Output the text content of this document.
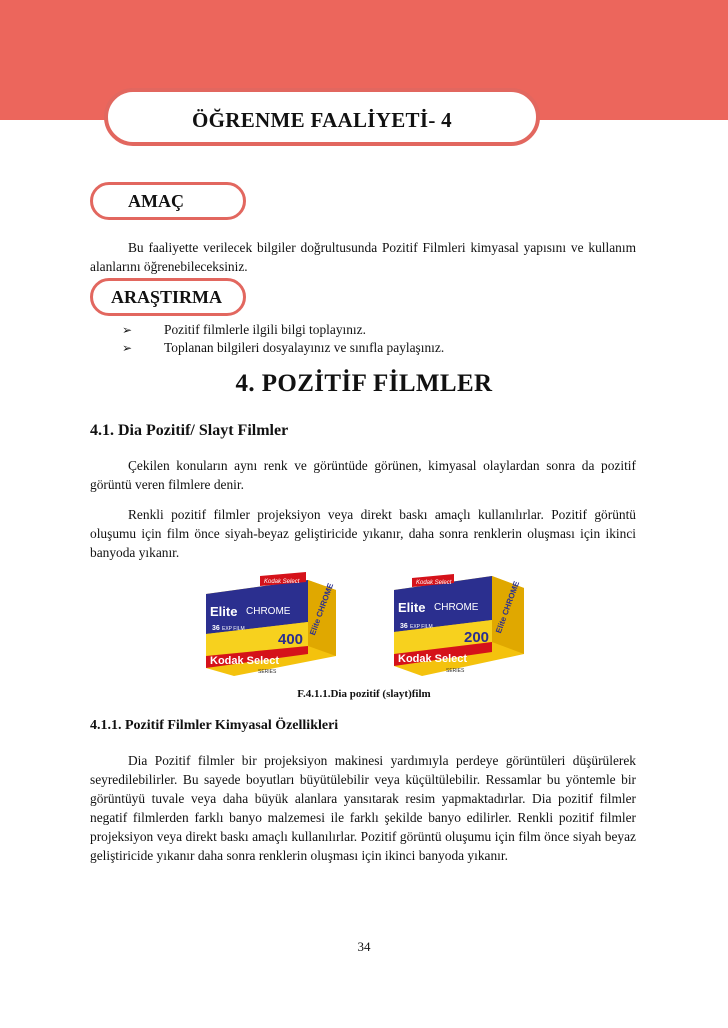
ÖĞRENME FAALİYETİ- 4
AMAÇ
Bu faaliyette verilecek bilgiler doğrultusunda Pozitif Filmleri kimyasal yapısını ve kullanım alanlarını öğrenebileceksiniz.
ARAŞTIRMA
➢	Pozitif filmlerle ilgili bilgi toplayınız.
➢	Toplanan bilgileri dosyalayınız ve sınıfla paylaşınız.
4. POZİTİF FİLMLER
4.1. Dia Pozitif/ Slayt Filmler
Çekilen konuların aynı renk ve görüntüde görünen, kimyasal olaylardan sonra da pozitif görüntü veren filmlere denir.
Renkli pozitif filmler projeksiyon veya direkt baskı amaçlı kullanılırlar. Pozitif görüntü oluşumu için film önce siyah-beyaz geliştiricide yıkanır, daha sonra renklerin oluşması için ikinci banyoda yıkanır.
Kodak Select
Elite CHROME
36 EXP FILM
400
Kodak Select
SERIES
Elite CHROME	Kodak Select
Elite CHROME
36 EXP FILM
200
Kodak Select
SERIES
Elite CHROME
F.4.1.1.Dia pozitif (slayt)film
4.1.1. Pozitif Filmler Kimyasal Özellikleri
Dia Pozitif filmler bir projeksiyon makinesi yardımıyla perdeye görüntüleri düşürülerek seyredilebilirler. Bu sayede boyutları büyütülebilir veya küçültülebilir. Ressamlar bu yöntemle bir görüntüyü tuvale veya daha büyük alanlara yansıtarak resim yapmaktadırlar. Dia pozitif filmler negatif filmlerden farklı banyo malzemesi ile farklı şekilde banyo edilirler. Renkli pozitif filmler projeksiyon veya direkt baskı amaçlı kullanılırlar. Pozitif görüntü oluşumu için film önce siyah beyaz geliştiricide yıkanır daha sonra renklerin oluşması için ikinci banyoda yıkanır.
34
